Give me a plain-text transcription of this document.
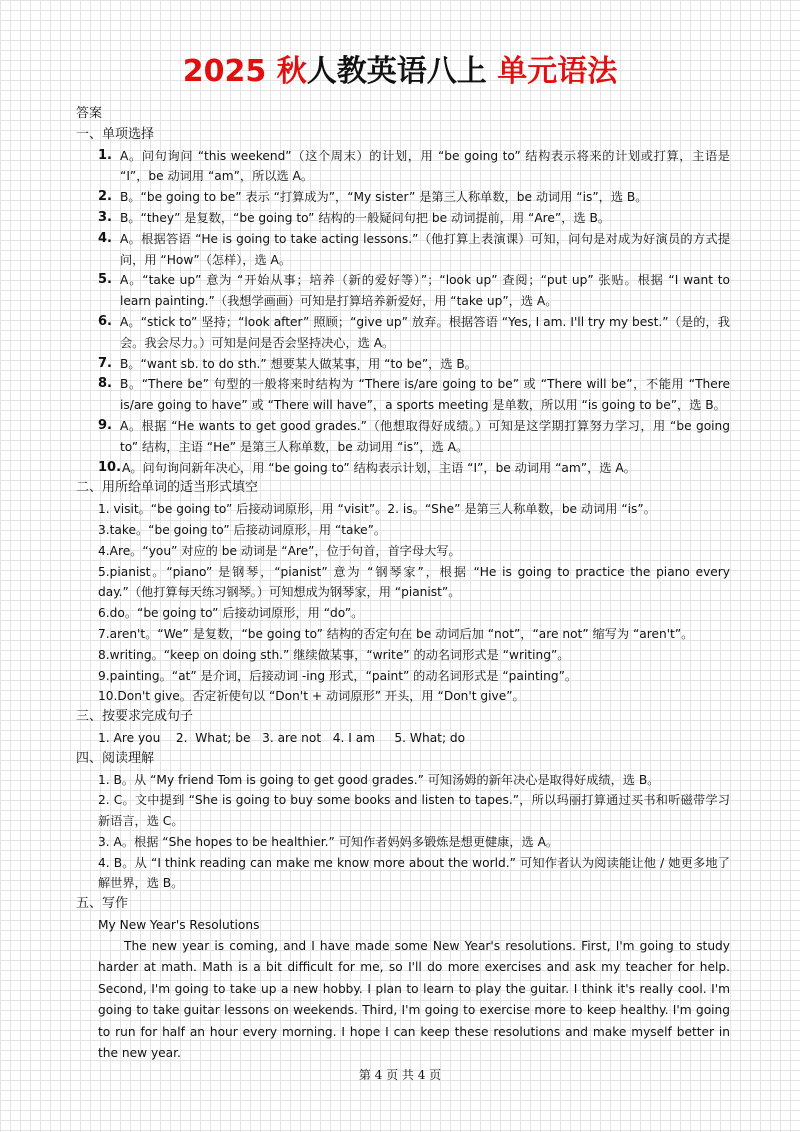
2025 秋人教英语八上 单元语法
答案
一、单项选择
1. A。问句询问 “this weekend”（这个周末）的计划，用 “be going to” 结构表示将来的计划或打算，主语是 “I”，be 动词用 “am”，所以选 A。
2. B。“be going to be” 表示 “打算成为”，“My sister” 是第三人称单数，be 动词用 “is”，选 B。
3. B。“they” 是复数，“be going to” 结构的一般疑问句把 be 动词提前，用 “Are”，选 B。
4. A。根据答语 “He is going to take acting lessons.”（他打算上表演课）可知，问句是对成为好演员的方式提问，用 “How”（怎样），选 A。
5. A。“take up” 意为 “开始从事；培养（新的爱好等）”；“look up” 查阅；“put up” 张贴。根据 “I want to learn painting.”（我想学画画）可知是打算培养新爱好，用 “take up”，选 A。
6. A。“stick to” 坚持；“look after” 照顾；“give up” 放弃。根据答语 “Yes, I am. I'll try my best.”（是的，我会。我会尽力。）可知是问是否会坚持决心，选 A。
7. B。“want sb. to do sth.” 想要某人做某事，用 “to be”，选 B。
8. B。“There be” 句型的一般将来时结构为 “There is/are going to be” 或 “There will be”，不能用 “There is/are going to have” 或 “There will have”，a sports meeting 是单数，所以用 “is going to be”，选 B。
9. A。根据 “He wants to get good grades.”（他想取得好成绩。）可知是这学期打算努力学习，用 “be going to” 结构，主语 “He” 是第三人称单数，be 动词用 “is”，选 A。
10. A。问句询问新年决心，用 “be going to” 结构表示计划，主语 “I”，be 动词用 “am”，选 A。
二、用所给单词的适当形式填空
1. visit。“be going to” 后接动词原形，用 “visit”。2. is。“She” 是第三人称单数，be 动词用 “is”。
3.take。“be going to” 后接动词原形，用 “take”。
4.Are。“you” 对应的 be 动词是 “Are”，位于句首，首字母大写。
5.pianist。“piano” 是钢琴，“pianist” 意为 “钢琴家”，根据 “He is going to practice the piano every day.”（他打算每天练习钢琴。）可知想成为钢琴家，用 “pianist”。
6.do。“be going to” 后接动词原形，用 “do”。
7.aren't。“We” 是复数，“be going to” 结构的否定句在 be 动词后加 “not”，“are not” 缩写为 “aren't”。
8.writing。“keep on doing sth.” 继续做某事，“write” 的动名词形式是 “writing”。
9.painting。“at” 是介词，后接动词 -ing 形式，“paint” 的动名词形式是 “painting”。
10.Don't give。否定祈使句以 “Don't + 动词原形” 开头，用 “Don't give”。
三、按要求完成句子
1. Are you    2.  What; be   3. are not   4. I am     5. What; do
四、阅读理解
1. B。从 “My friend Tom is going to get good grades.” 可知汤姆的新年决心是取得好成绩，选 B。
2. C。文中提到 “She is going to buy some books and listen to tapes.”，所以玛丽打算通过买书和听磁带学习新语言，选 C。
3. A。根据 “She hopes to be healthier.” 可知作者妈妈多锻炼是想更健康，选 A。
4. B。从 “I think reading can make me know more about the world.” 可知作者认为阅读能让他 / 她更多地了解世界，选 B。
五、写作
My New Year's Resolutions
The new year is coming, and I have made some New Year's resolutions. First, I'm going to study harder at math. Math is a bit difficult for me, so I'll do more exercises and ask my teacher for help. Second, I'm going to take up a new hobby. I plan to learn to play the guitar. I think it's really cool. I'm going to take guitar lessons on weekends. Third, I'm going to exercise more to keep healthy. I'm going to run for half an hour every morning. I hope I can keep these resolutions and make myself better in the new year.
第 4 页 共 4 页
